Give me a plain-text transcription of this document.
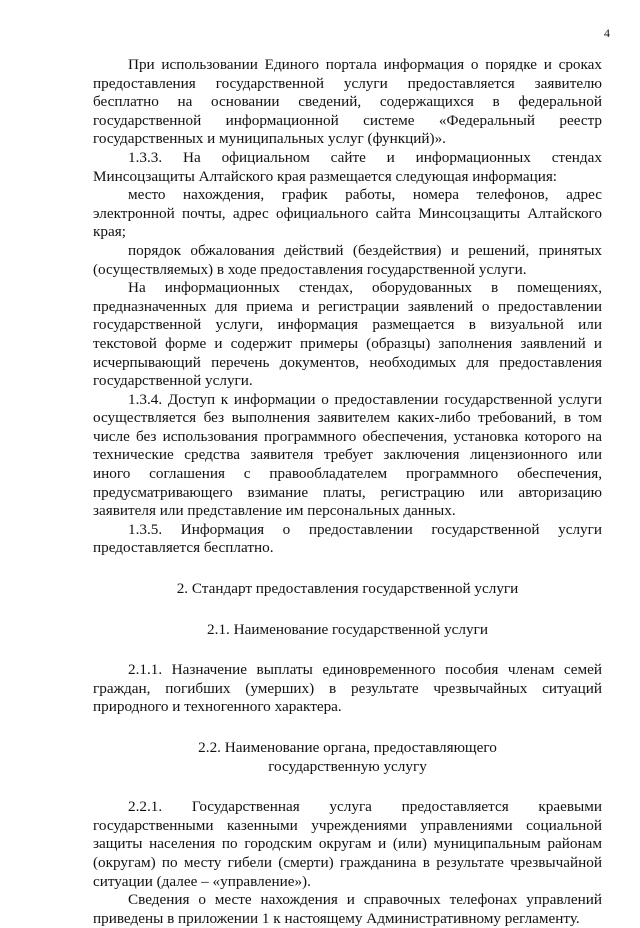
4

При использовании Единого портала информация о порядке и сроках предоставления государственной услуги предоставляется заявителю бесплатно на основании сведений, содержащихся в федеральной государственной информационной системе «Федеральный реестр государственных и муниципальных услуг (функций)».

1.3.3. На официальном сайте и информационных стендах Минсоцзащиты Алтайского края размещается следующая информация:

место нахождения, график работы, номера телефонов, адрес электронной почты, адрес официального сайта Минсоцзащиты Алтайского края;

порядок обжалования действий (бездействия) и решений, принятых (осуществляемых) в ходе предоставления государственной услуги.

На информационных стендах, оборудованных в помещениях, предназначенных для приема и регистрации заявлений о предоставлении государственной услуги, информация размещается в визуальной или текстовой форме и содержит примеры (образцы) заполнения заявлений и исчерпывающий перечень документов, необходимых для предоставления государственной услуги.

1.3.4. Доступ к информации о предоставлении государственной услуги осуществляется без выполнения заявителем каких-либо требований, в том числе без использования программного обеспечения, установка которого на технические средства заявителя требует заключения лицензионного или иного соглашения с правообладателем программного обеспечения, предусматривающего взимание платы, регистрацию или авторизацию заявителя или представление им персональных данных.

1.3.5. Информация о предоставлении государственной услуги предоставляется бесплатно.

2. Стандарт предоставления государственной услуги
2.1. Наименование государственной услуги

2.1.1. Назначение выплаты единовременного пособия членам семей граждан, погибших (умерших) в результате чрезвычайных ситуаций природного и техногенного характера.

2.2. Наименование органа, предоставляющего
государственную услугу

2.2.1. Государственная услуга предоставляется краевыми государственными казенными учреждениями управлениями социальной защиты населения по городским округам и (или) муниципальным районам (округам) по месту гибели (смерти) гражданина в результате чрезвычайной ситуации (далее – «управление»).

Сведения о месте нахождения и справочных телефонах управлений приведены в приложении 1 к настоящему Административному регламенту.
